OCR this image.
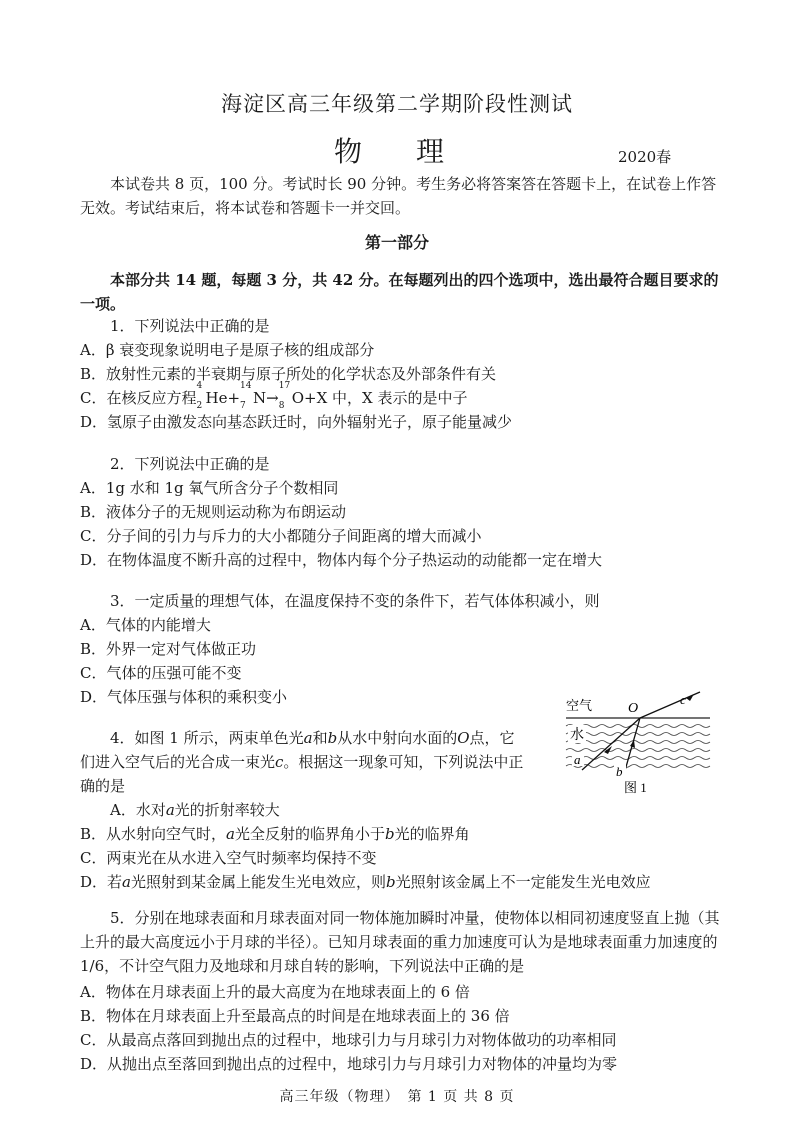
海淀区高三年级第二学期阶段性测试
物 理	2020春
本试卷共 8 页，100 分。考试时长 90 分钟。考生务必将答案答在答题卡上，在试卷上作答无效。考试结束后，将本试卷和答题卡一并交回。
第一部分
本部分共 14 题，每题 3 分，共 42 分。在每题列出的四个选项中，选出最符合题目要求的一项。
1．下列说法中正确的是
A．β 衰变现象说明电子是原子核的组成部分
B．放射性元素的半衰期与原子所处的化学状态及外部条件有关
C．在核反应方程
4
2 He+
14
7 N→
17
8 O+X 中，X 表示的是中子
D．氢原子由激发态向基态跃迁时，向外辐射光子，原子能量减少
2．下列说法中正确的是
A．1g 水和 1g 氧气所含分子个数相同
B．液体分子的无规则运动称为布朗运动
C．分子间的引力与斥力的大小都随分子间距离的增大而减小
D．在物体温度不断升高的过程中，物体内每个分子热运动的动能都一定在增大
3．一定质量的理想气体，在温度保持不变的条件下，若气体体积减小，则
A．气体的内能增大
B．外界一定对气体做正功
C．气体的压强可能不变
D．气体压强与体积的乘积变小
4．如图 1 所示，两束单色光a和b从水中射向水面的O点，它
们进入空气后的光合成一束光c。根据这一现象可知，下列说法中正
确的是
A．水对a光的折射率较大
B．从水射向空气时，a光全反射的临界角小于b光的临界角
C．两束光在从水进入空气时频率均保持不变
D．若a光照射到某金属上能发生光电效应，则b光照射该金属上不一定能发生光电效应
空气	O
c
水
a
b
图 1
5．分别在地球表面和月球表面对同一物体施加瞬时冲量，使物体以相同初速度竖直上抛（其上升的最大高度远小于月球的半径）。已知月球表面的重力加速度可认为是地球表面重力加速度的 1/6，不计空气阻力及地球和月球自转的影响，下列说法中正确的是
A．物体在月球表面上升的最大高度为在地球表面上的 6 倍
B．物体在月球表面上升至最高点的时间是在地球表面上的 36 倍
C．从最高点落回到抛出点的过程中，地球引力与月球引力对物体做功的功率相同
D．从抛出点至落回到抛出点的过程中，地球引力与月球引力对物体的冲量均为零
高三年级（物理）　第 1 页 共 8 页
